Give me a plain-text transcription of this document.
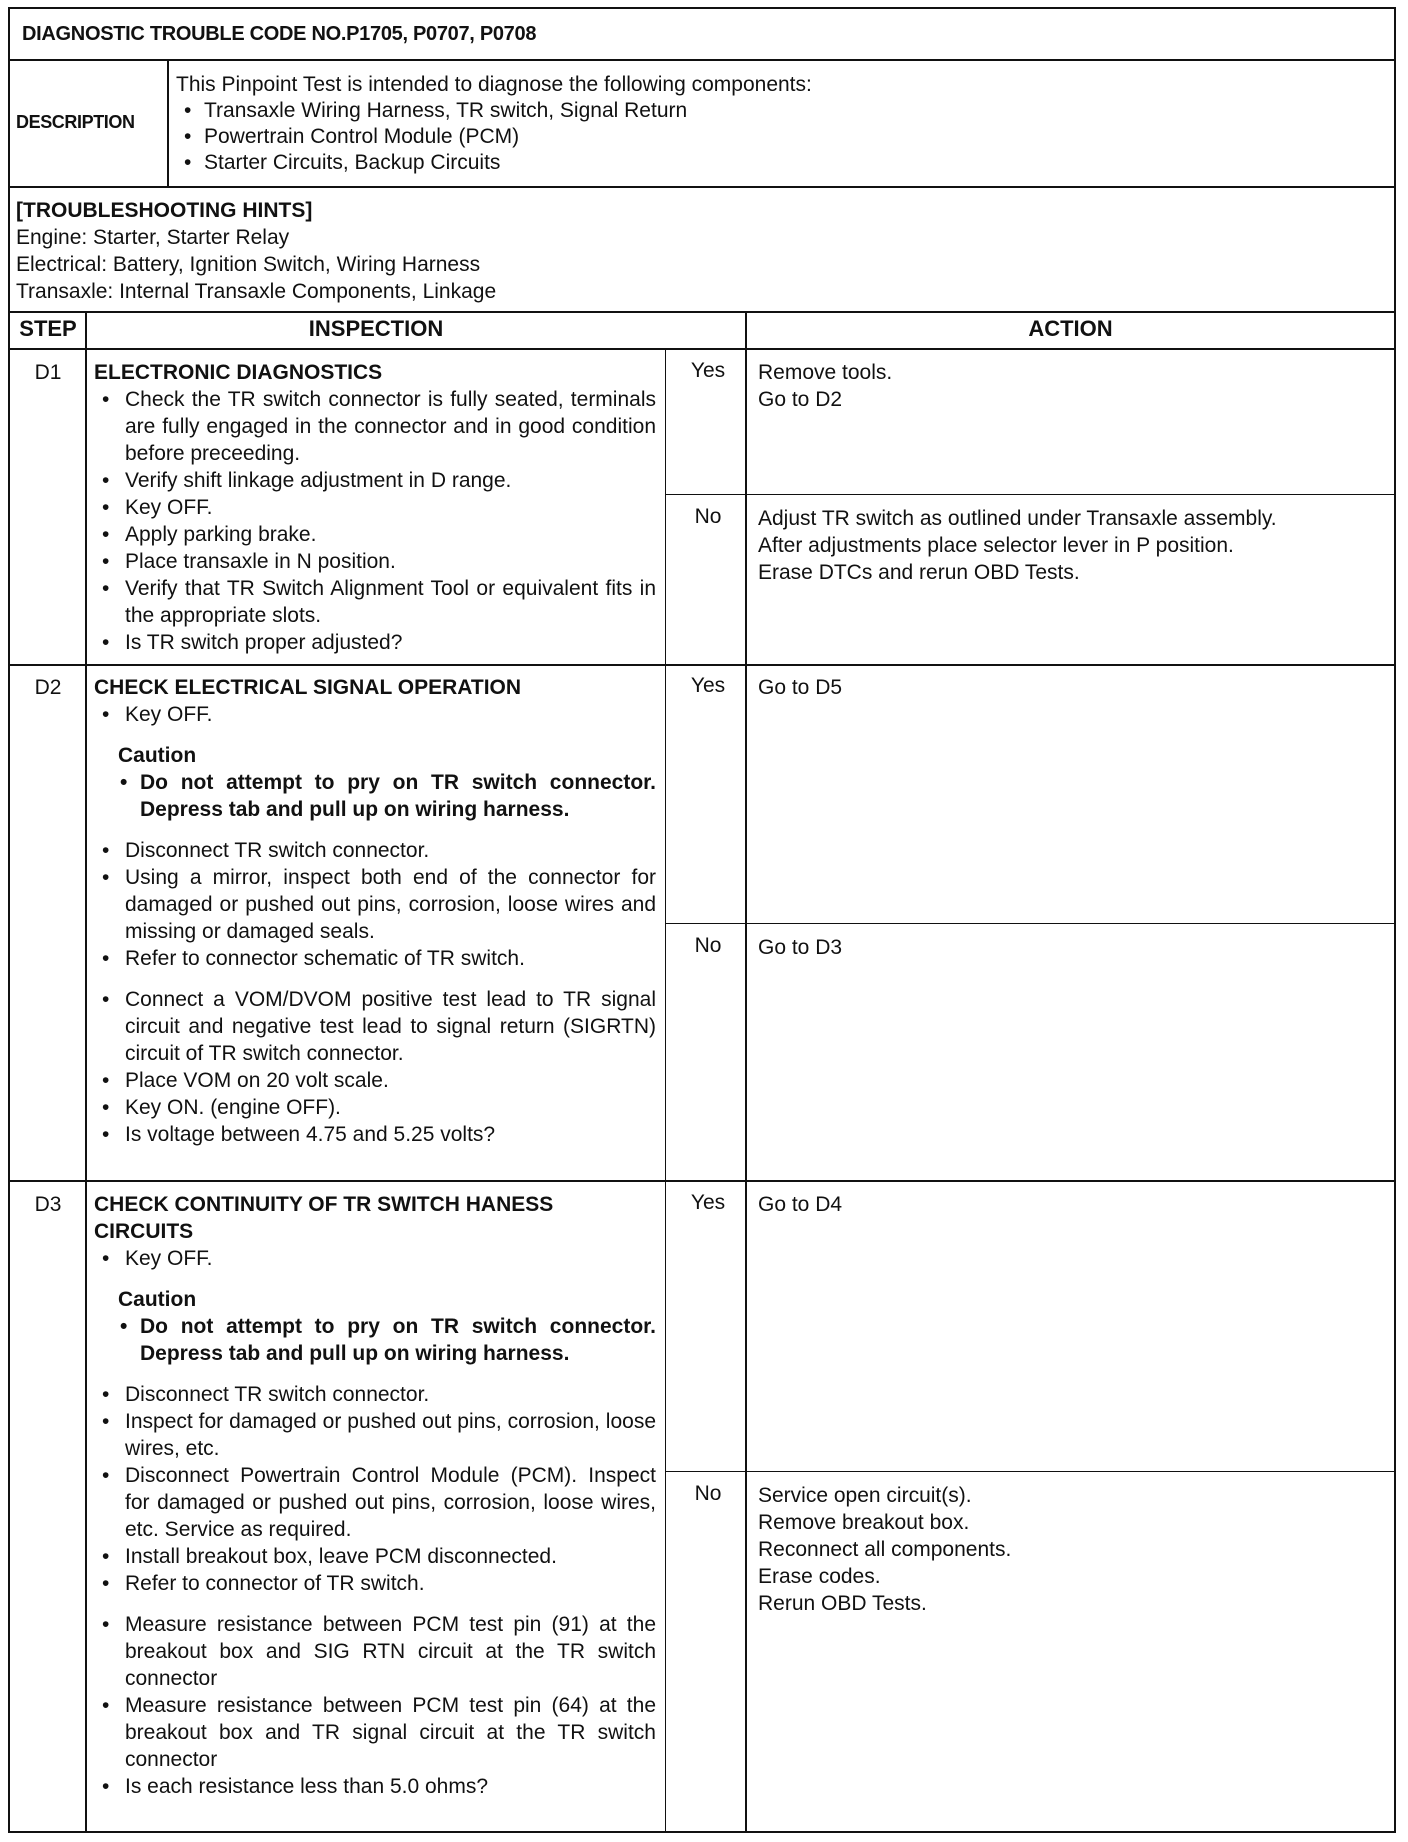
DIAGNOSTIC TROUBLE CODE NO.P1705, P0707, P0708
DESCRIPTION
This Pinpoint Test is intended to diagnose the following components:
• Transaxle Wiring Harness, TR switch, Signal Return
• Powertrain Control Module (PCM)
• Starter Circuits, Backup Circuits
[TROUBLESHOOTING HINTS]
Engine: Starter, Starter Relay
Electrical: Battery, Ignition Switch, Wiring Harness
Transaxle: Internal Transaxle Components, Linkage
STEP	INSPECTION	ACTION
D1	ELECTRONIC DIAGNOSTICS
• Check the TR switch connector is fully seated, terminals are fully engaged in the connector and in good condition before preceeding.
• Verify shift linkage adjustment in D range.
• Key OFF.
• Apply parking brake.
• Place transaxle in N position.
• Verify that TR Switch Alignment Tool or equivalent fits in the appropriate slots.
• Is TR switch proper adjusted?
Yes	Remove tools.

Go to D2

No	Adjust TR switch as outlined under Transaxle assembly.

After adjustments place selector lever in P position.

Erase DTCs and rerun OBD Tests.

D2	CHECK ELECTRICAL SIGNAL OPERATION
• Key OFF.
Caution
• Do not attempt to pry on TR switch connector. Depress tab and pull up on wiring harness.
• Disconnect TR switch connector.
• Using a mirror, inspect both end of the connector for damaged or pushed out pins, corrosion, loose wires and missing or damaged seals.
• Refer to connector schematic of TR switch.
• Connect a VOM/DVOM positive test lead to TR signal circuit and negative test lead to signal return (SIGRTN) circuit of TR switch connector.
• Place VOM on 20 volt scale.
• Key ON. (engine OFF).
• Is voltage between 4.75 and 5.25 volts?
Yes	Go to D5

No	Go to D3

D3	CHECK CONTINUITY OF TR SWITCH HANESS CIRCUITS
• Key OFF.
Caution
• Do not attempt to pry on TR switch connector. Depress tab and pull up on wiring harness.
• Disconnect TR switch connector.
• Inspect for damaged or pushed out pins, corrosion, loose wires, etc.
• Disconnect Powertrain Control Module (PCM). Inspect for damaged or pushed out pins, corrosion, loose wires, etc. Service as required.
• Install breakout box, leave PCM disconnected.
• Refer to connector of TR switch.
• Measure resistance between PCM test pin (91) at the breakout box and SIG RTN circuit at the TR switch connector
• Measure resistance between PCM test pin (64) at the breakout box and TR signal circuit at the TR switch connector
• Is each resistance less than 5.0 ohms?
Yes	Go to D4

No	Service open circuit(s).

Remove breakout box.

Reconnect all components.

Erase codes.

Rerun OBD Tests.
